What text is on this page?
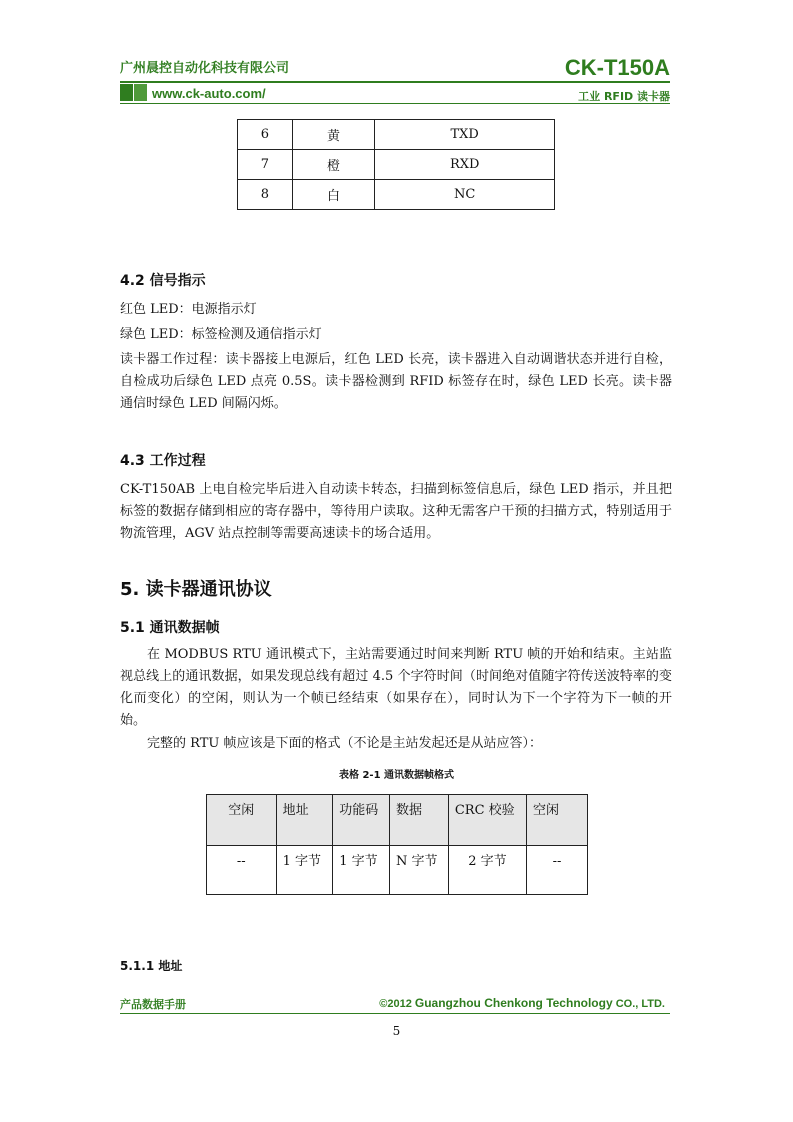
广州晨控自动化科技有限公司	CK-T150A
www.ck-auto.com/	工业 RFID 读卡器
6	黄	TXD
7	橙	RXD
8	白	NC
4.2 信号指示
红色 LED：电源指示灯
绿色 LED：标签检测及通信指示灯
读卡器工作过程：读卡器接上电源后，红色 LED 长亮，读卡器进入自动调谐状态并进行自检，自检成功后绿色 LED 点亮 0.5S。读卡器检测到 RFID 标签存在时，绿色 LED 长亮。读卡器通信时绿色 LED 间隔闪烁。
4.3 工作过程
CK-T150AB 上电自检完毕后进入自动读卡转态，扫描到标签信息后，绿色 LED 指示，并且把标签的数据存储到相应的寄存器中，等待用户读取。这种无需客户干预的扫描方式，特别适用于物流管理，AGV 站点控制等需要高速读卡的场合适用。
5. 读卡器通讯协议
5.1 通讯数据帧
在 MODBUS RTU 通讯模式下，主站需要通过时间来判断 RTU 帧的开始和结束。主站监视总线上的通讯数据，如果发现总线有超过 4.5 个字符时间（时间绝对值随字符传送波特率的变化而变化）的空闲，则认为一个帧已经结束（如果存在），同时认为下一个字符为下一帧的开始。
完整的 RTU 帧应该是下面的格式（不论是主站发起还是从站应答）：
表格 2-1 通讯数据帧格式
空闲	地址	功能码	数据	CRC 校验	空闲
--	1 字节	1 字节	N 字节	2 字节	--
5.1.1 地址
产品数据手册	©2012 Guangzhou Chenkong Technology CO., LTD.
5
